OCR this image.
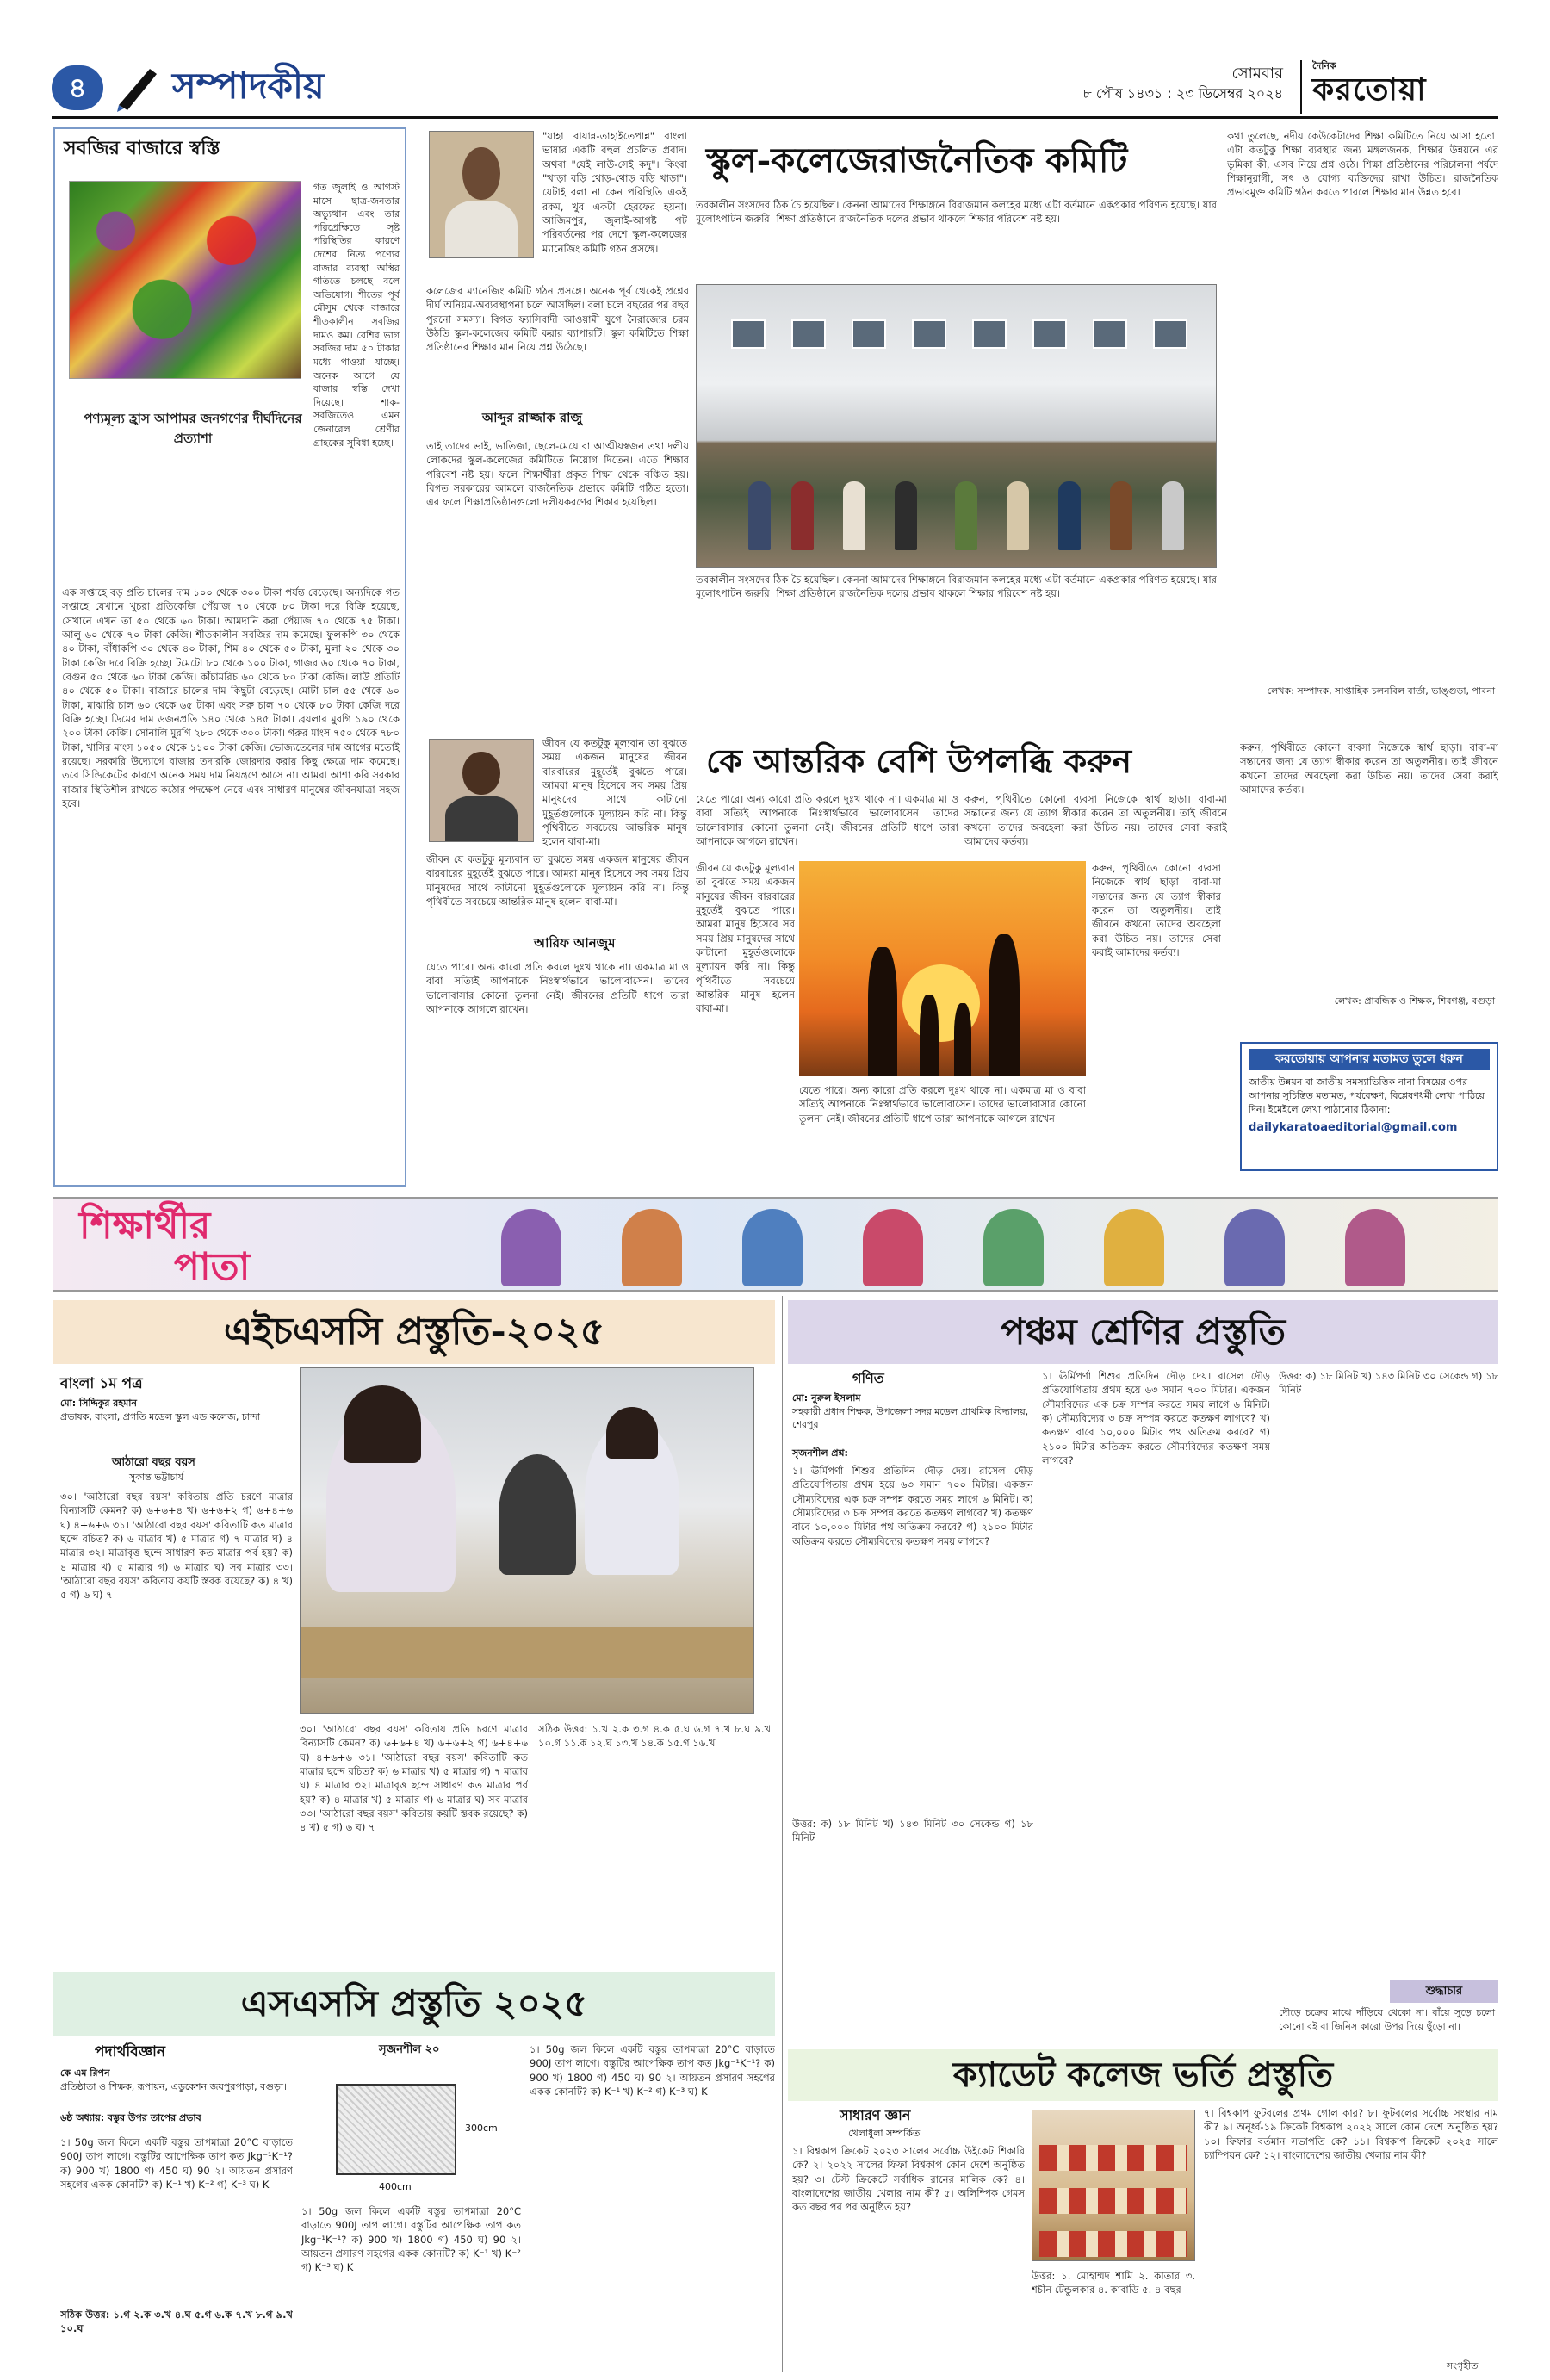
৪	সম্পাদকীয়	সোমবার
৮ পৌষ ১৪৩১ : ২৩ ডিসেম্বর ২০২৪
দৈনিক
করতোয়া
সবজির বাজারে স্বস্তি
গত জুলাই ও আগস্ট মাসে ছাত্র-জনতার অভ্যুত্থান এবং তার পরিপ্রেক্ষিতে সৃষ্ট পরিস্থিতির কারণে দেশের নিত্য পণ্যের বাজার ব্যবস্থা অস্থির গতিতে চলছে বলে অভিযোগ। শীতের পূর্ব মৌসুম থেকে বাজারে শীতকালীন সবজির দামও কম। বেশির ভাগ সবজির দাম ৫০ টাকার মধ্যে পাওয়া যাচ্ছে। অনেক আগে যে বাজার স্বস্তি দেখা দিয়েছে। শাক-সবজিতেও এমন জেনারেল শ্রেণীর গ্রাহকের সুবিধা হচ্ছে।
পণ্যমূল্য হ্রাস আপামর জনগণের দীর্ঘদিনের প্রত্যাশা
এক সপ্তাহে বড় প্রতি চালের দাম ১০০ থেকে ৩০০ টাকা পর্যন্ত বেড়েছে। অন্যদিকে গত সপ্তাহে যেখানে খুচরা প্রতিকেজি পেঁয়াজ ৭০ থেকে ৮০ টাকা দরে বিক্রি হয়েছে, সেখানে এখন তা ৫০ থেকে ৬০ টাকা। আমদানি করা পেঁয়াজ ৭০ থেকে ৭৫ টাকা। আলু ৬০ থেকে ৭০ টাকা কেজি। শীতকালীন সবজির দাম কমেছে। ফুলকপি ৩০ থেকে ৪০ টাকা, বাঁধাকপি ৩০ থেকে ৪০ টাকা, শিম ৪০ থেকে ৫০ টাকা, মুলা ২০ থেকে ৩০ টাকা কেজি দরে বিক্রি হচ্ছে। টমেটো ৮০ থেকে ১০০ টাকা, গাজর ৬০ থেকে ৭০ টাকা, বেগুন ৫০ থেকে ৬০ টাকা কেজি। কাঁচামরিচ ৬০ থেকে ৮০ টাকা কেজি। লাউ প্রতিটি ৪০ থেকে ৫০ টাকা। বাজারে চালের দাম কিছুটা বেড়েছে। মোটা চাল ৫৫ থেকে ৬০ টাকা, মাঝারি চাল ৬০ থেকে ৬৫ টাকা এবং সরু চাল ৭০ থেকে ৮০ টাকা কেজি দরে বিক্রি হচ্ছে। ডিমের দাম ডজনপ্রতি ১৪০ থেকে ১৪৫ টাকা। ব্রয়লার মুরগি ১৯০ থেকে ২০০ টাকা কেজি। সোনালি মুরগি ২৮০ থেকে ৩০০ টাকা। গরুর মাংস ৭৫০ থেকে ৭৮০ টাকা, খাসির মাংস ১০৫০ থেকে ১১০০ টাকা কেজি। ভোজ্যতেলের দাম আগের মতোই রয়েছে। সরকারি উদ্যোগে বাজার তদারকি জোরদার করায় কিছু ক্ষেত্রে দাম কমেছে। তবে সিন্ডিকেটের কারণে অনেক সময় দাম নিয়ন্ত্রণে আসে না। আমরা আশা করি সরকার বাজার স্থিতিশীল রাখতে কঠোর পদক্ষেপ নেবে এবং সাধারণ মানুষের জীবনযাত্রা সহজ হবে।
"যাহা বায়ান্ন-তাহাইতেপান্ন" বাংলা ভাষার একটি বহুল প্রচলিত প্রবাদ। অথবা "যেই লাউ-সেই কদু"। কিংবা "খাড়া বড়ি থোড়-থোড় বড়ি খাড়া"। যেটাই বলা না কেন পরিস্থিতি একই রকম, খুব একটা হেরফের হয়না। আজিমপুর, জুলাই-আগষ্ট পট পরিবর্তনের পর দেশে স্কুল-কলেজের ম্যানেজিং কমিটি গঠন প্রসঙ্গে।
স্কুল-কলেজেরাজনৈতিক কমিটি
কলেজের ম্যানেজিং কমিটি গঠন প্রসঙ্গে। অনেক পূর্ব থেকেই প্রশ্নের দীর্ঘ অনিয়ম-অব্যবস্থাপনা চলে আসছিল। বলা চলে বছরের পর বছর পুরনো সমস্যা। বিগত ফ্যাসিবাদী আওয়ামী যুগে নৈরাজ্যের চরম উঠতি স্কুল-কলেজের কমিটি করার ব্যাপারটি। স্কুল কমিটিতে শিক্ষা প্রতিষ্ঠানের শিক্ষার মান নিয়ে প্রশ্ন উঠেছে।
আব্দুর রাজ্জাক রাজু
তাই তাদের ভাই, ভাতিজা, ছেলে-মেয়ে বা আত্মীয়স্বজন তথা দলীয় লোকদের স্কুল-কলেজের কমিটিতে নিয়োগ দিতেন। এতে শিক্ষার পরিবেশ নষ্ট হয়। ফলে শিক্ষার্থীরা প্রকৃত শিক্ষা থেকে বঞ্চিত হয়। বিগত সরকারের আমলে রাজনৈতিক প্রভাবে কমিটি গঠিত হতো। এর ফলে শিক্ষাপ্রতিষ্ঠানগুলো দলীয়করণের শিকার হয়েছিল।
তবকালীন সংসদের ঠিক চৈ হয়েছিল। কেননা আমাদের শিক্ষাঙ্গনে বিরাজমান কলহের মধ্যে এটা বর্তমানে একপ্রকার পরিণত হয়েছে। যার মূলোৎপাটন জরুরি। শিক্ষা প্রতিষ্ঠানে রাজনৈতিক দলের প্রভাব থাকলে শিক্ষার পরিবেশ নষ্ট হয়।
তবকালীন সংসদের ঠিক চৈ হয়েছিল। কেননা আমাদের শিক্ষাঙ্গনে বিরাজমান কলহের মধ্যে এটা বর্তমানে একপ্রকার পরিণত হয়েছে। যার মূলোৎপাটন জরুরি। শিক্ষা প্রতিষ্ঠানে রাজনৈতিক দলের প্রভাব থাকলে শিক্ষার পরিবেশ নষ্ট হয়।
কথা তুলেছে, নদীয় কেউকেটাদের শিক্ষা কমিটিতে নিয়ে আসা হতো। এটা কতটুকু শিক্ষা ব্যবস্থার জন্য মঙ্গলজনক, শিক্ষার উন্নয়নে এর ভূমিকা কী, এসব নিয়ে প্রশ্ন ওঠে। শিক্ষা প্রতিষ্ঠানের পরিচালনা পর্ষদে শিক্ষানুরাগী, সৎ ও যোগ্য ব্যক্তিদের রাখা উচিত। রাজনৈতিক প্রভাবমুক্ত কমিটি গঠন করতে পারলে শিক্ষার মান উন্নত হবে।
লেখক: সম্পাদক, সাপ্তাহিক চলনবিল বার্তা, ভাঙ্গুড়া, পাবনা।
জীবন যে কতটুকু মূল্যবান তা বুঝতে সময় একজন মানুষের জীবন বারবারের মুহূর্তেই বুঝতে পারে। আমরা মানুষ হিসেবে সব সময় প্রিয় মানুষদের সাথে কাটানো মুহূর্তগুলোকে মূল্যায়ন করি না। কিন্তু পৃথিবীতে সবচেয়ে আন্তরিক মানুষ হলেন বাবা-মা।
কে আন্তরিক বেশি উপলব্ধি করুন
জীবন যে কতটুকু মূল্যবান তা বুঝতে সময় একজন মানুষের জীবন বারবারের মুহূর্তেই বুঝতে পারে। আমরা মানুষ হিসেবে সব সময় প্রিয় মানুষদের সাথে কাটানো মুহূর্তগুলোকে মূল্যায়ন করি না। কিন্তু পৃথিবীতে সবচেয়ে আন্তরিক মানুষ হলেন বাবা-মা।
আরিফ আনজুম
যেতে পারে। অন্য কারো প্রতি করলে দুঃখ থাকে না। একমাত্র মা ও বাবা সত্যিই আপনাকে নিঃস্বার্থভাবে ভালোবাসেন। তাদের ভালোবাসার কোনো তুলনা নেই। জীবনের প্রতিটি ধাপে তারা আপনাকে আগলে রাখেন।
যেতে পারে। অন্য কারো প্রতি করলে দুঃখ থাকে না। একমাত্র মা ও বাবা সত্যিই আপনাকে নিঃস্বার্থভাবে ভালোবাসেন। তাদের ভালোবাসার কোনো তুলনা নেই। জীবনের প্রতিটি ধাপে তারা আপনাকে আগলে রাখেন।
করুন, পৃথিবীতে কোনো ব্যবসা নিজেকে স্বার্থ ছাড়া। বাবা-মা সন্তানের জন্য যে ত্যাগ স্বীকার করেন তা অতুলনীয়। তাই জীবনে কখনো তাদের অবহেলা করা উচিত নয়। তাদের সেবা করাই আমাদের কর্তব্য।
জীবন যে কতটুকু মূল্যবান তা বুঝতে সময় একজন মানুষের জীবন বারবারের মুহূর্তেই বুঝতে পারে। আমরা মানুষ হিসেবে সব সময় প্রিয় মানুষদের সাথে কাটানো মুহূর্তগুলোকে মূল্যায়ন করি না। কিন্তু পৃথিবীতে সবচেয়ে আন্তরিক মানুষ হলেন বাবা-মা।
করুন, পৃথিবীতে কোনো ব্যবসা নিজেকে স্বার্থ ছাড়া। বাবা-মা সন্তানের জন্য যে ত্যাগ স্বীকার করেন তা অতুলনীয়। তাই জীবনে কখনো তাদের অবহেলা করা উচিত নয়। তাদের সেবা করাই আমাদের কর্তব্য।
যেতে পারে। অন্য কারো প্রতি করলে দুঃখ থাকে না। একমাত্র মা ও বাবা সত্যিই আপনাকে নিঃস্বার্থভাবে ভালোবাসেন। তাদের ভালোবাসার কোনো তুলনা নেই। জীবনের প্রতিটি ধাপে তারা আপনাকে আগলে রাখেন।
করুন, পৃথিবীতে কোনো ব্যবসা নিজেকে স্বার্থ ছাড়া। বাবা-মা সন্তানের জন্য যে ত্যাগ স্বীকার করেন তা অতুলনীয়। তাই জীবনে কখনো তাদের অবহেলা করা উচিত নয়। তাদের সেবা করাই আমাদের কর্তব্য।
লেখক: প্রাবন্ধিক ও শিক্ষক, শিবগঞ্জ, বগুড়া।
করতোয়ায় আপনার মতামত তুলে ধরুন
জাতীয় উন্নয়ন বা জাতীয় সমস্যাভিত্তিক নানা বিষয়ের ওপর আপনার সুচিন্তিত মতামত, পর্যবেক্ষণ, বিশ্লেষণধর্মী লেখা পাঠিয়ে দিন। ইমেইলে লেখা পাঠানোর ঠিকানা:
dailykaratoaeditorial@gmail.com
শিক্ষার্থীর
পাতা
এইচএসসি প্রস্তুতি-২০২৫
বাংলা ১ম পত্র
মো: সিদ্দিকুর রহমান
প্রভাষক, বাংলা, প্রগতি মডেল স্কুল এন্ড কলেজ, চান্দা
আঠারো বছর বয়স
সুকান্ত ভট্টাচার্য
৩০। 'আঠারো বছর বয়স' কবিতায় প্রতি চরণে মাত্রার বিন্যাসটি কেমন? ক) ৬+৬+৪ খ) ৬+৬+২ গ) ৬+৪+৬ ঘ) ৪+৬+৬ ৩১। 'আঠারো বছর বয়স' কবিতাটি কত মাত্রার ছন্দে রচিত? ক) ৬ মাত্রার খ) ৫ মাত্রার গ) ৭ মাত্রার ঘ) ৪ মাত্রার ৩২। মাত্রাবৃত্ত ছন্দে সাধারণ কত মাত্রার পর্ব হয়? ক) ৪ মাত্রার খ) ৫ মাত্রার গ) ৬ মাত্রার ঘ) সব মাত্রার ৩৩। 'আঠারো বছর বয়স' কবিতায় কয়টি স্তবক রয়েছে? ক) ৪ খ) ৫ গ) ৬ ঘ) ৭
৩০। 'আঠারো বছর বয়স' কবিতায় প্রতি চরণে মাত্রার বিন্যাসটি কেমন? ক) ৬+৬+৪ খ) ৬+৬+২ গ) ৬+৪+৬ ঘ) ৪+৬+৬ ৩১। 'আঠারো বছর বয়স' কবিতাটি কত মাত্রার ছন্দে রচিত? ক) ৬ মাত্রার খ) ৫ মাত্রার গ) ৭ মাত্রার ঘ) ৪ মাত্রার ৩২। মাত্রাবৃত্ত ছন্দে সাধারণ কত মাত্রার পর্ব হয়? ক) ৪ মাত্রার খ) ৫ মাত্রার গ) ৬ মাত্রার ঘ) সব মাত্রার ৩৩। 'আঠারো বছর বয়স' কবিতায় কয়টি স্তবক রয়েছে? ক) ৪ খ) ৫ গ) ৬ ঘ) ৭
সঠিক উত্তর: ১.খ ২.ক ৩.গ ৪.ক ৫.ঘ ৬.গ ৭.খ ৮.ঘ ৯.খ ১০.গ ১১.ক ১২.ঘ ১৩.খ ১৪.ক ১৫.গ ১৬.খ
এসএসসি প্রস্তুতি ২০২৫
পদার্থবিজ্ঞান
কে এম রিপন
প্রতিষ্ঠাতা ও শিক্ষক, রূপায়ন, এডুকেশন জয়পুরপাড়া, বগুড়া।
৬ষ্ঠ অধ্যায়: বস্তুর উপর তাপের প্রভাব
১। 50g জল কিলে একটি বস্তুর তাপমাত্রা 20°C বাড়াতে 900J তাপ লাগে। বস্তুটির আপেক্ষিক তাপ কত Jkg⁻¹K⁻¹? ক) 900 খ) 1800 গ) 450 ঘ) 90 ২। আয়তন প্রসারণ সহগের একক কোনটি? ক) K⁻¹ খ) K⁻² গ) K⁻³ ঘ) K
সঠিক উত্তর: ১.গ ২.ক ৩.খ ৪.ঘ ৫.গ ৬.ক ৭.খ ৮.গ ৯.খ ১০.ঘ
সৃজনশীল ২০
400cm
300cm
১। 50g জল কিলে একটি বস্তুর তাপমাত্রা 20°C বাড়াতে 900J তাপ লাগে। বস্তুটির আপেক্ষিক তাপ কত Jkg⁻¹K⁻¹? ক) 900 খ) 1800 গ) 450 ঘ) 90 ২। আয়তন প্রসারণ সহগের একক কোনটি? ক) K⁻¹ খ) K⁻² গ) K⁻³ ঘ) K
১। 50g জল কিলে একটি বস্তুর তাপমাত্রা 20°C বাড়াতে 900J তাপ লাগে। বস্তুটির আপেক্ষিক তাপ কত Jkg⁻¹K⁻¹? ক) 900 খ) 1800 গ) 450 ঘ) 90 ২। আয়তন প্রসারণ সহগের একক কোনটি? ক) K⁻¹ খ) K⁻² গ) K⁻³ ঘ) K
পঞ্চম শ্রেণির প্রস্তুতি
গণিত
মো: নুরুল ইসলাম
সহকারী প্রধান শিক্ষক, উপজেলা সদর মডেল প্রাথমিক বিদ্যালয়, শেরপুর
সৃজনশীল প্রশ্ন:
১। ঊর্মিপর্ণা শিশুর প্রতিদিন দৌড় দেয়। রাসেল দৌড় প্রতিযোগিতায় প্রথম হয়ে ৬৩ সমান ৭০০ মিটার। একজন সৌম্যবিদ্যের এক চক্র সম্পন্ন করতে সময় লাগে ৬ মিনিট। ক) সৌম্যবিদ্যের ৩ চক্র সম্পন্ন করতে কতক্ষণ লাগবে? খ) কতক্ষণ বাবে ১০,০০০ মিটার পথ অতিক্রম করবে? গ) ২১০০ মিটার অতিক্রম করতে সৌম্যবিদ্যের কতক্ষণ সময় লাগবে?
উত্তর: ক) ১৮ মিনিট খ) ১৪৩ মিনিট ৩০ সেকেন্ড গ) ১৮ মিনিট
১। ঊর্মিপর্ণা শিশুর প্রতিদিন দৌড় দেয়। রাসেল দৌড় প্রতিযোগিতায় প্রথম হয়ে ৬৩ সমান ৭০০ মিটার। একজন সৌম্যবিদ্যের এক চক্র সম্পন্ন করতে সময় লাগে ৬ মিনিট। ক) সৌম্যবিদ্যের ৩ চক্র সম্পন্ন করতে কতক্ষণ লাগবে? খ) কতক্ষণ বাবে ১০,০০০ মিটার পথ অতিক্রম করবে? গ) ২১০০ মিটার অতিক্রম করতে সৌম্যবিদ্যের কতক্ষণ সময় লাগবে?
উত্তর: ক) ১৮ মিনিট খ) ১৪৩ মিনিট ৩০ সেকেন্ড গ) ১৮ মিনিট
শুদ্ধাচার
দৌড়ে চক্রের মাঝে দাঁড়িয়ে থেকো না। বাঁয়ে সুড়ে চলো। কোনো বই বা জিনিস কারো উপর দিয়ে ছুঁড়ো না।
ক্যাডেট কলেজ ভর্তি প্রস্তুতি
সাধারণ জ্ঞান
খেলাধুলা সম্পর্কিত
১। বিশ্বকাপ ক্রিকেট ২০২৩ সালের সর্বোচ্চ উইকেট শিকারি কে? ২। ২০২২ সালের ফিফা বিশ্বকাপ কোন দেশে অনুষ্ঠিত হয়? ৩। টেস্ট ক্রিকেটে সর্বাধিক রানের মালিক কে? ৪। বাংলাদেশের জাতীয় খেলার নাম কী? ৫। অলিম্পিক গেমস কত বছর পর পর অনুষ্ঠিত হয়?
৭। বিশ্বকাপ ফুটবলের প্রথম গোল কার? ৮। ফুটবলের সর্বোচ্চ সংস্থার নাম কী? ৯। অনূর্ধ্ব-১৯ ক্রিকেট বিশ্বকাপ ২০২২ সালে কোন দেশে অনুষ্ঠিত হয়? ১০। ফিফার বর্তমান সভাপতি কে? ১১। বিশ্বকাপ ক্রিকেট ২০২৫ সালে চ্যাম্পিয়ন কে? ১২। বাংলাদেশের জাতীয় খেলার নাম কী?
উত্তর: ১. মোহাম্মদ শামি ২. কাতার ৩. শচীন টেন্ডুলকার ৪. কাবাডি ৫. ৪ বছর
সংগৃহীত
